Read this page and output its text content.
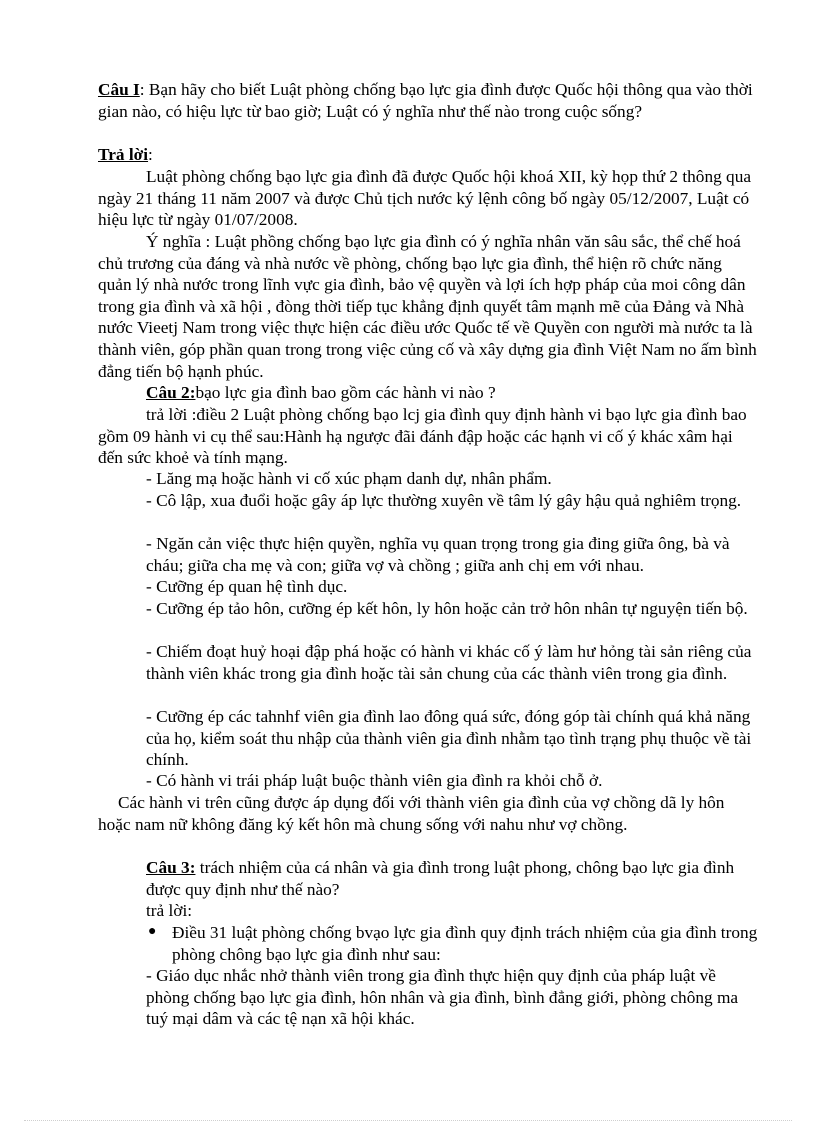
Câu I: Bạn hãy cho biết Luật phòng chống bạo lực gia đình được Quốc hội thông qua vào thời gian nào, có hiệu lực từ bao giờ; Luật có ý nghĩa như thế nào trong cuộc sống?

Trả lời:

Luật phòng chống bạo lực gia đình đã được Quốc hội khoá XII, kỳ họp thứ 2 thông qua ngày 21 tháng 11 năm 2007 và được Chủ tịch nước ký lệnh công bố ngày 05/12/2007, Luật có hiệu lực từ ngày 01/07/2008.

Ý nghĩa : Luật phồng chống bạo lực gia đình có ý nghĩa nhân văn sâu sắc, thể chế hoá chủ trương của đáng và nhà nước về phòng, chống bạo lực gia đình, thể hiện rõ chức năng quản lý nhà nước trong lĩnh vực gia đình, bảo vệ quyền và lợi ích hợp pháp của moi công dân trong gia đình và xã hội , đòng thời tiếp tục khẳng định quyết tâm mạnh mẽ của Đảng và Nhà nước Vieetj Nam trong việc thực hiện các điều ước Quốc tế về Quyền con người mà nước ta là thành viên, góp phần quan trong trong việc củng cố và xây dựng gia đình Việt Nam no ấm bình đẳng tiến bộ hạnh phúc.

Câu 2:bạo lực gia đình bao gồm các hành vi nào ?

trả lời :điều 2 Luật phòng chống bạo lcj gia đình quy định hành vi bạo lực gia đình bao gồm 09 hành vi cụ thể sau:Hành hạ ngược đãi đánh đập hoặc các hạnh vi cố ý khác xâm hại đến sức khoẻ và tính mạng.

- Lăng mạ hoặc hành vi cố xúc phạm danh dự, nhân phẩm.

- Cô lập, xua đuổi hoặc gây áp lực thường xuyên về tâm lý gây hậu quả nghiêm trọng.

- Ngăn cản việc thực hiện quyền, nghĩa vụ quan trọng trong gia đing giữa ông, bà và cháu; giữa cha mẹ và con; giữa vợ và chồng ; giữa anh chị em với nhau.

- Cưỡng ép quan hệ tình dục.

- Cưỡng ép tảo hôn, cưỡng ép kết hôn, ly hôn hoặc cản trở hôn nhân tự nguyện tiến bộ.

- Chiếm đoạt huỷ hoại đập phá hoặc có hành vi khác cố ý làm hư hỏng tài sản riêng của thành viên khác trong gia đình hoặc tài sản chung của các thành viên trong gia đình.

- Cưỡng ép các tahnhf viên gia đình lao đông quá sức, đóng góp tài chính quá khả năng của họ, kiểm soát thu nhập của thành viên gia đình nhằm tạo tình trạng phụ thuộc về tài chính.

- Có hành vi trái pháp luật buộc thành viên gia đình ra khỏi chỗ ở.

Các hành vi trên cũng được áp dụng đối với thành viên gia đình của vợ chồng dã ly hôn hoặc nam nữ không đăng ký kết hôn mà chung sống với nahu như vợ chồng.

Câu 3: trách nhiệm của cá nhân và gia đình trong luật phong, chông bạo lực gia đình được quy định như thế nào?

trả lời:

● Điều 31 luật phòng chống bvạo lực gia đình quy định trách nhiệm của gia đình trong phòng chông bạo lực gia đình như sau:

- Giáo dục nhắc nhở thành viên trong gia đình thực hiện quy định của pháp luật về phòng chống bạo lực gia đình, hôn nhân và gia đình, bình đẳng giới, phòng chông ma tuý mại dâm và các tệ nạn xã hội khác.
